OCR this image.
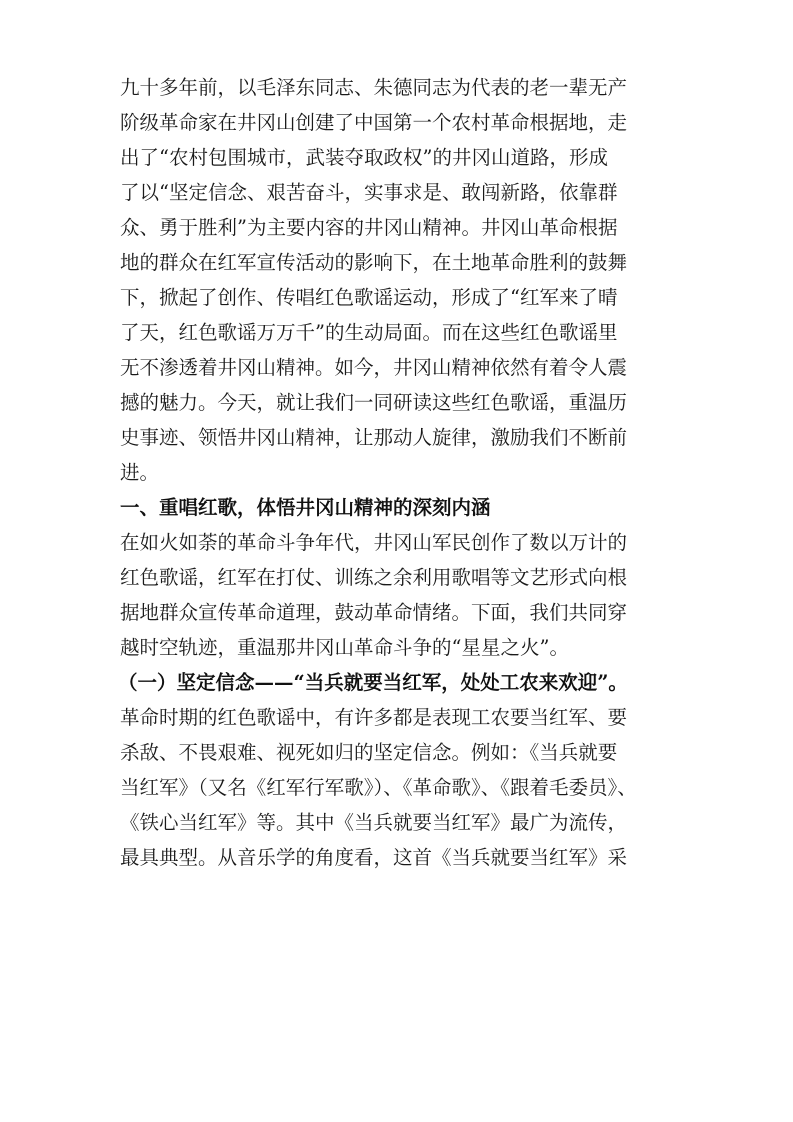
九十多年前，以毛泽东同志、朱德同志为代表的老一辈无产
阶级革命家在井冈山创建了中国第一个农村革命根据地，走
出了“农村包围城市，武装夺取政权”的井冈山道路，形成
了以“坚定信念、艰苦奋斗，实事求是、敢闯新路，依靠群
众、勇于胜利”为主要内容的井冈山精神。井冈山革命根据
地的群众在红军宣传活动的影响下，在土地革命胜利的鼓舞
下，掀起了创作、传唱红色歌谣运动，形成了“红军来了晴
了天，红色歌谣万万千”的生动局面。而在这些红色歌谣里
无不渗透着井冈山精神。如今，井冈山精神依然有着令人震
撼的魅力。今天，就让我们一同研读这些红色歌谣，重温历
史事迹、领悟井冈山精神，让那动人旋律，激励我们不断前
进。
一、重唱红歌，体悟井冈山精神的深刻内涵
在如火如荼的革命斗争年代，井冈山军民创作了数以万计的
红色歌谣，红军在打仗、训练之余利用歌唱等文艺形式向根
据地群众宣传革命道理，鼓动革命情绪。下面，我们共同穿
越时空轨迹，重温那井冈山革命斗争的“星星之火”。
（一）坚定信念——“当兵就要当红军，处处工农来欢迎”。
革命时期的红色歌谣中，有许多都是表现工农要当红军、要
杀敌、不畏艰难、视死如归的坚定信念。例如：《当兵就要
当红军》（又名《红军行军歌》）、《革命歌》、《跟着毛委员》、
《铁心当红军》等。其中《当兵就要当红军》最广为流传，
最具典型。从音乐学的角度看，这首《当兵就要当红军》采
